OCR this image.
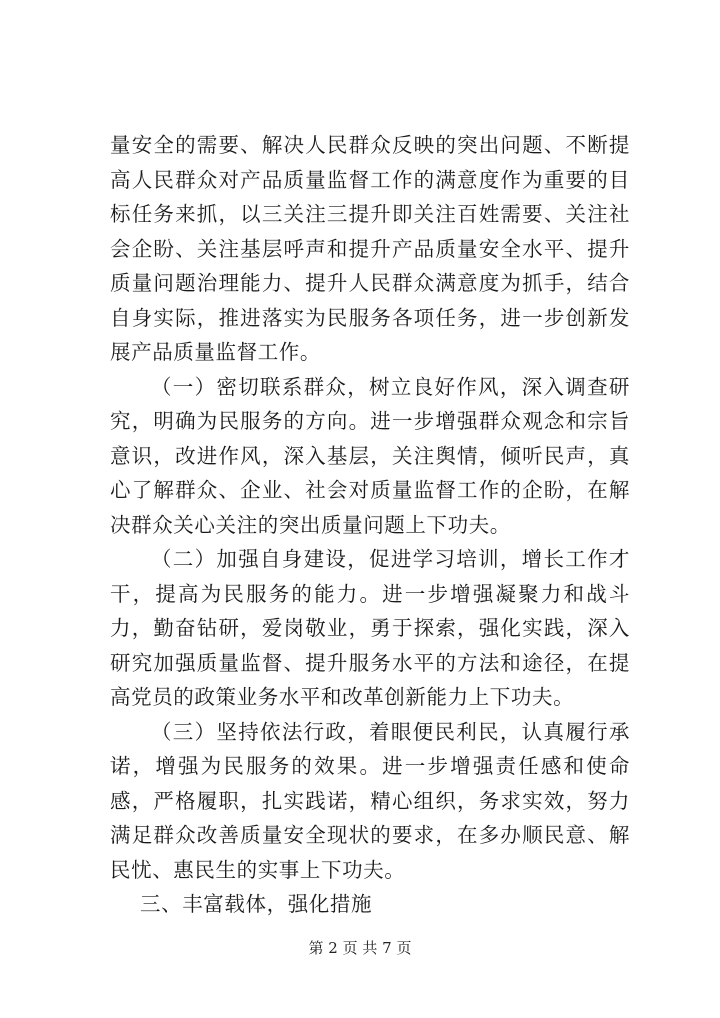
量安全的需要、解决人民群众反映的突出问题、不断提高人民群众对产品质量监督工作的满意度作为重要的目标任务来抓，以三关注三提升即关注百姓需要、关注社会企盼、关注基层呼声和提升产品质量安全水平、提升质量问题治理能力、提升人民群众满意度为抓手，结合自身实际，推进落实为民服务各项任务，进一步创新发展产品质量监督工作。

（一）密切联系群众，树立良好作风，深入调查研究，明确为民服务的方向。进一步增强群众观念和宗旨意识，改进作风，深入基层，关注舆情，倾听民声，真心了解群众、企业、社会对质量监督工作的企盼，在解决群众关心关注的突出质量问题上下功夫。

（二）加强自身建设，促进学习培训，增长工作才干，提高为民服务的能力。进一步增强凝聚力和战斗力，勤奋钻研，爱岗敬业，勇于探索，强化实践，深入研究加强质量监督、提升服务水平的方法和途径，在提高党员的政策业务水平和改革创新能力上下功夫。

（三）坚持依法行政，着眼便民利民，认真履行承诺，增强为民服务的效果。进一步增强责任感和使命感，严格履职，扎实践诺，精心组织，务求实效，努力满足群众改善质量安全现状的要求，在多办顺民意、解民忧、惠民生的实事上下功夫。

三、丰富载体，强化措施

第 2 页 共 7 页
